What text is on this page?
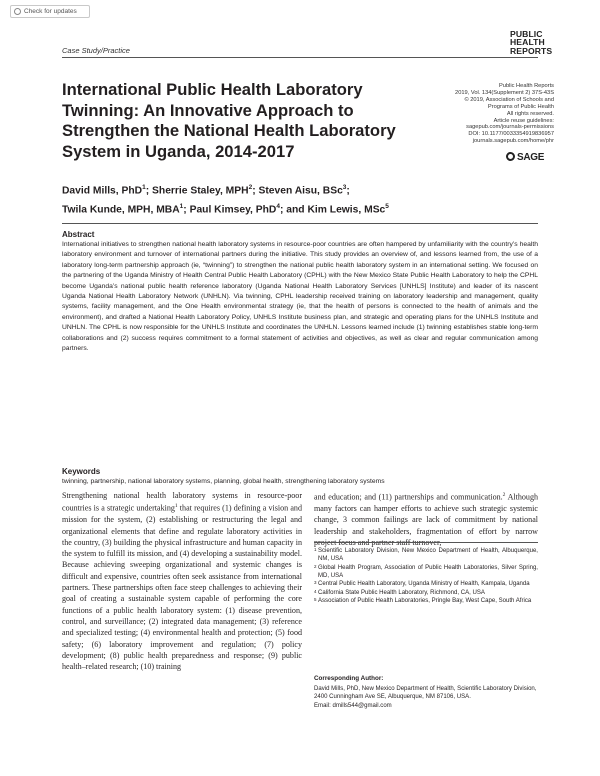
Check for updates
Case Study/Practice
PUBLIC
HEALTH
REPORTS
International Public Health Laboratory Twinning: An Innovative Approach to Strengthen the National Health Laboratory System in Uganda, 2014-2017
Public Health Reports
2019, Vol. 134(Supplement 2) 37S-43S
© 2019, Association of Schools and
Programs of Public Health
All rights reserved.
Article reuse guidelines:
sagepub.com/journals-permissions
DOI: 10.1177/0033354919836957
journals.sagepub.com/home/phr
SAGE
David Mills, PhD$^1$; Sherrie Staley, MPH$^2$; Steven Aisu, BSc$^3$;
Twila Kunde, MPH, MBA$^1$; Paul Kimsey, PhD$^4$; and Kim Lewis, MSc$^5$
Abstract
International initiatives to strengthen national health laboratory systems in resource-poor countries are often hampered by unfamiliarity with the country’s health laboratory environment and turnover of international partners during the initiative. This study provides an overview of, and lessons learned from, the use of a laboratory long-term partnership approach (ie, “twinning”) to strengthen the national public health laboratory system in an international setting. We focused on the partnering of the Uganda Ministry of Health Central Public Health Laboratory (CPHL) with the New Mexico State Public Health Laboratory to help the CPHL become Uganda’s national public health reference laboratory (Uganda National Health Laboratory Services [UNHLS] Institute) and leader of its nascent Uganda National Health Laboratory Network (UNHLN). Via twinning, CPHL leadership received training on laboratory leadership and management, quality systems, facility management, and the One Health environmental strategy (ie, that the health of persons is connected to the health of animals and the environment), and drafted a National Health Laboratory Policy, UNHLS Institute business plan, and strategic and operating plans for the UNHLS Institute and UNHLN. The CPHL is now responsible for the UNHLS Institute and coordinates the UNHLN. Lessons learned include (1) twinning establishes stable long-term collaborations and (2) success requires commitment to a formal statement of activities and objectives, as well as clear and regular communication among partners.
Keywords
twinning, partnership, national laboratory systems, planning, global health, strengthening laboratory systems

Strengthening national health laboratory systems in resource-poor countries is a strategic undertaking$^1$ that requires (1) defining a vision and mission for the system, (2) establishing or restructuring the legal and organizational elements that define and regulate laboratory activities in the country, (3) building the physical infrastructure and human capacity in the system to fulfill its mission, and (4) developing a sustainability model. Because achieving sweeping organizational and systemic changes is difficult and expensive, countries often seek assistance from international partners. These partnerships often face steep challenges to achieving their goal of creating a sustainable system capable of performing the core functions of a public health laboratory system: (1) disease prevention, control, and surveillance; (2) integrated data management; (3) reference and specialized testing; (4) environmental health and protection; (5) food safety; (6) laboratory improvement and regulation; (7) policy development; (8) public health preparedness and response; (9) public health–related research; (10) training

and education; and (11) partnerships and communication.$^2$ Although many factors can hamper efforts to achieve such strategic systemic change, 3 common failings are lack of commitment by national leadership and stakeholders, fragmentation of effort by narrow project focus and partner staff turnover,

1 Scientific Laboratory Division, New Mexico Department of Health, Albuquerque, NM, USA
2 Global Health Program, Association of Public Health Laboratories, Silver Spring, MD, USA
3 Central Public Health Laboratory, Uganda Ministry of Health, Kampala, Uganda
4 California State Public Health Laboratory, Richmond, CA, USA
5 Association of Public Health Laboratories, Pringle Bay, West Cape, South Africa
Corresponding Author:
David Mills, PhD, New Mexico Department of Health, Scientific Laboratory Division, 2400 Cunningham Ave SE, Albuquerque, NM 87106, USA.
Email: dmills544@gmail.com
